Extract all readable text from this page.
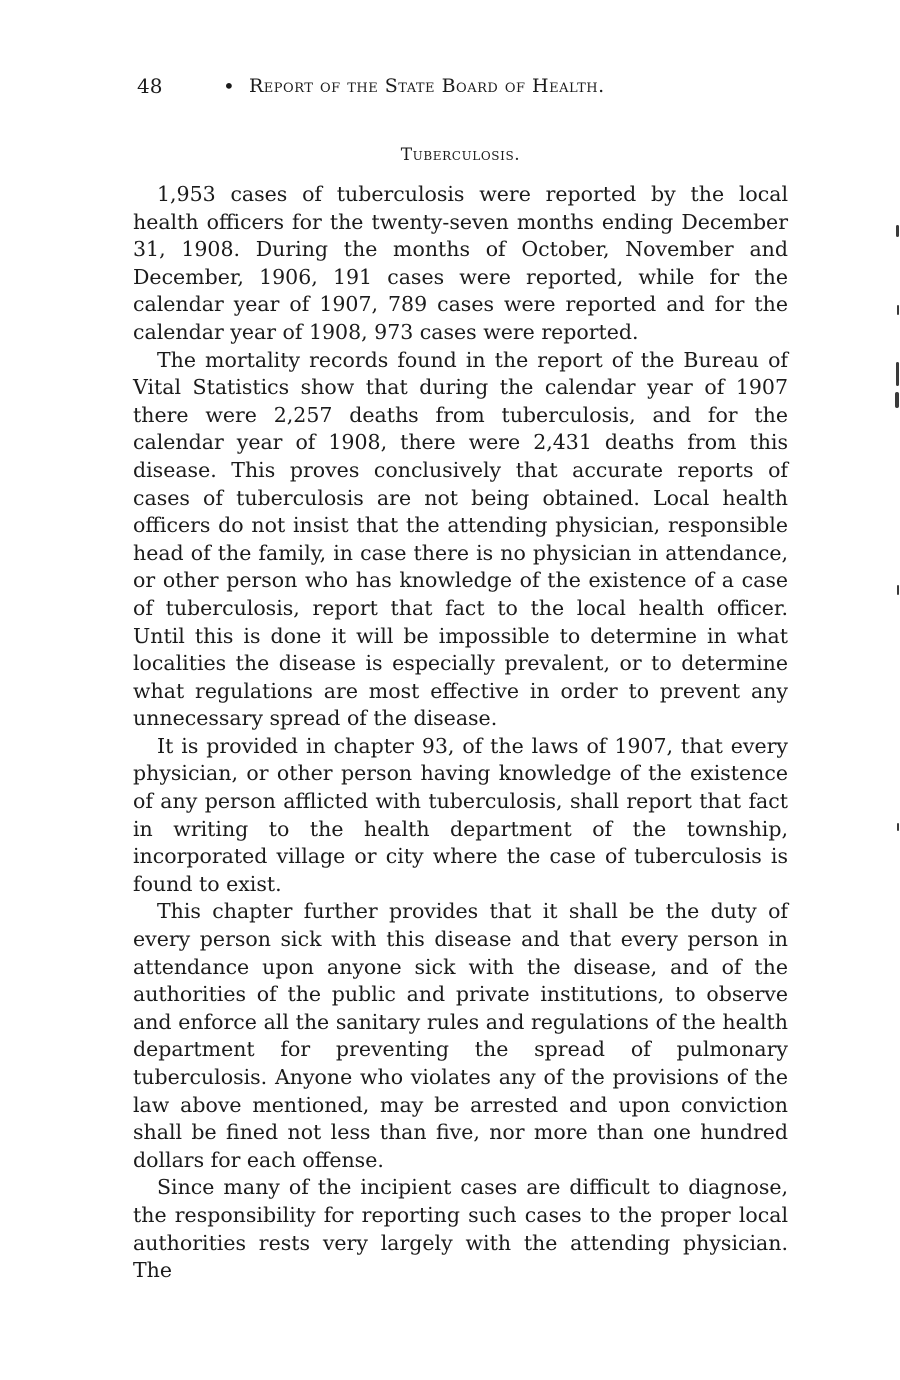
48	• Report of the State Board of Health.
Tuberculosis.

1,953 cases of tuberculosis were reported by the local health officers for the twenty-seven months ending December 31, 1908. During the months of October, November and December, 1906, 191 cases were reported, while for the calendar year of 1907, 789 cases were reported and for the calendar year of 1908, 973 cases were reported.

The mortality records found in the report of the Bureau of Vital Statistics show that during the calendar year of 1907 there were 2,257 deaths from tuberculosis, and for the calendar year of 1908, there were 2,431 deaths from this disease. This proves conclusively that accurate reports of cases of tuberculosis are not being obtained. Local health officers do not insist that the attending physician, responsible head of the family, in case there is no physician in attendance, or other person who has knowledge of the existence of a case of tuberculosis, report that fact to the local health officer. Until this is done it will be impossible to determine in what localities the disease is especially prevalent, or to determine what regulations are most effective in order to prevent any unnecessary spread of the disease.

It is provided in chapter 93, of the laws of 1907, that every physician, or other person having knowledge of the existence of any person afflicted with tuberculosis, shall report that fact in writing to the health department of the township, incorporated village or city where the case of tuberculosis is found to exist.

This chapter further provides that it shall be the duty of every person sick with this disease and that every person in attendance upon anyone sick with the disease, and of the authorities of the public and private institutions, to observe and enforce all the sanitary rules and regulations of the health department for preventing the spread of pulmonary tuberculosis. Anyone who violates any of the provisions of the law above mentioned, may be arrested and upon conviction shall be fined not less than five, nor more than one hundred dollars for each offense.

Since many of the incipient cases are difficult to diagnose, the responsibility for reporting such cases to the proper local authorities rests very largely with the attending physician. The
